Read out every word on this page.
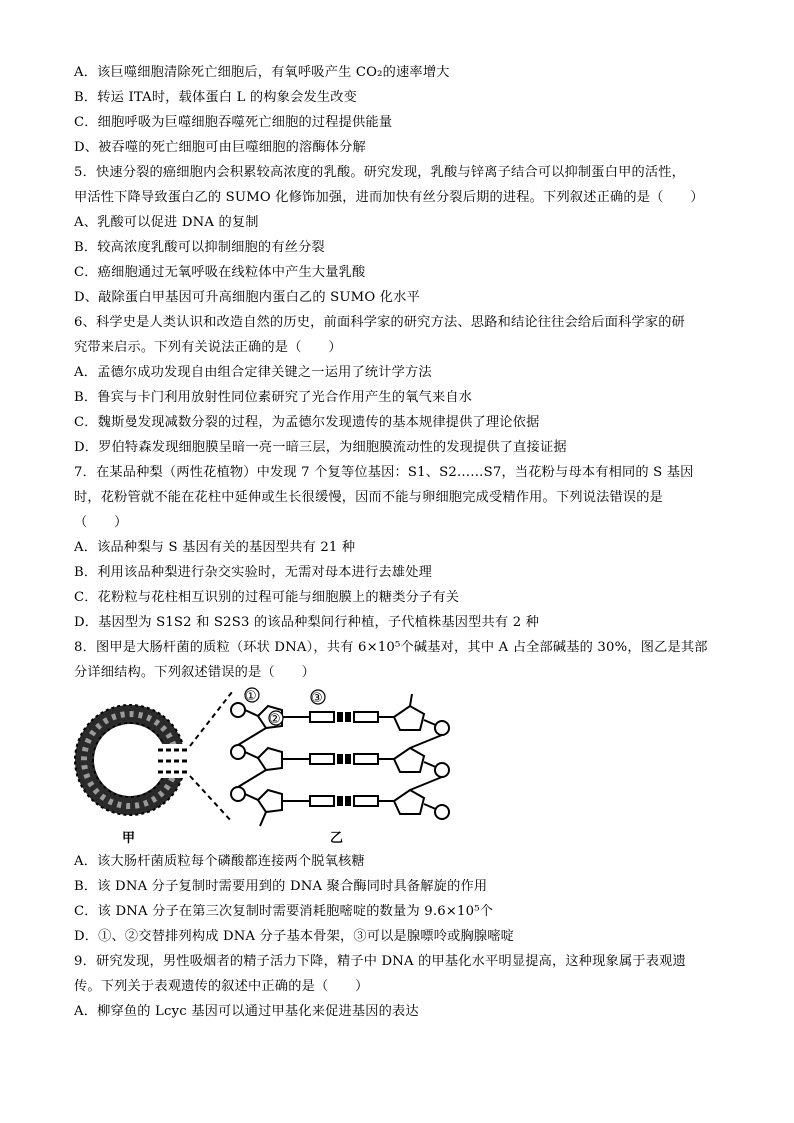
A．该巨噬细胞清除死亡细胞后，有氧呼吸产生 CO₂的速率增大
B．转运 ITA时，载体蛋白 L 的构象会发生改变
C．细胞呼吸为巨噬细胞吞噬死亡细胞的过程提供能量
D、被吞噬的死亡细胞可由巨噬细胞的溶酶体分解
5．快速分裂的癌细胞内会积累较高浓度的乳酸。研究发现，乳酸与锌离子结合可以抑制蛋白甲的活性，
甲活性下降导致蛋白乙的 SUMO 化修饰加强，进而加快有丝分裂后期的进程。下列叙述正确的是（　　）
A、乳酸可以促进 DNA 的复制
B．较高浓度乳酸可以抑制细胞的有丝分裂
C．癌细胞通过无氧呼吸在线粒体中产生大量乳酸
D、敲除蛋白甲基因可升高细胞内蛋白乙的 SUMO 化水平
6、科学史是人类认识和改造自然的历史，前面科学家的研究方法、思路和结论往往会给后面科学家的研
究带来启示。下列有关说法正确的是（　　）
A．孟德尔成功发现自由组合定律关键之一运用了统计学方法
B．鲁宾与卡门利用放射性同位素研究了光合作用产生的氧气来自水
C．魏斯曼发现减数分裂的过程，为孟德尔发现遗传的基本规律提供了理论依据
D．罗伯特森发现细胞膜呈暗一亮一暗三层，为细胞膜流动性的发现提供了直接证据
7．在某品种梨（两性花植物）中发现 7 个复等位基因：S1、S2……S7，当花粉与母本有相同的 S 基因
时，花粉管就不能在花柱中延伸或生长很缓慢，因而不能与卵细胞完成受精作用。下列说法错误的是
（　　）
A．该品种梨与 S 基因有关的基因型共有 21 种
B．利用该品种梨进行杂交实验时，无需对母本进行去雄处理
C．花粉粒与花柱相互识别的过程可能与细胞膜上的糖类分子有关
D．基因型为 S1S2 和 S2S3 的该品种梨间行种植，子代植株基因型共有 2 种
8．图甲是大肠杆菌的质粒（环状 DNA），共有 6×10⁵个碱基对，其中 A 占全部碱基的 30%，图乙是其部
分详细结构。下列叙述错误的是（　　）
甲	乙
①
②
③
A．该大肠杆菌质粒每个磷酸都连接两个脱氧核糖
B．该 DNA 分子复制时需要用到的 DNA 聚合酶同时具备解旋的作用
C．该 DNA 分子在第三次复制时需要消耗胞嘧啶的数量为 9.6×10⁵个
D．①、②交替排列构成 DNA 分子基本骨架，③可以是腺嘌呤或胸腺嘧啶
9．研究发现，男性吸烟者的精子活力下降，精子中 DNA 的甲基化水平明显提高，这种现象属于表观遗
传。下列关于表观遗传的叙述中正确的是（　　）
A．柳穿鱼的 Lcyc 基因可以通过甲基化来促进基因的表达
